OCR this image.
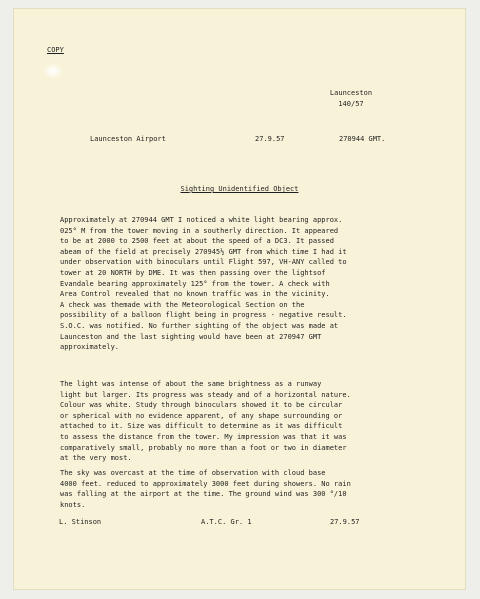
COPY
Launceston
140/57
Launceston Airport	27.9.57	270944 GMT.
Sighting Unidentified Object
Approximately at 270944 GMT I noticed a white light bearing approx.
025° M from the tower moving in a southerly direction. It appeared
to be at 2000 to 2500 feet at about the speed of a DC3. It passed
abeam of the field at precisely 270945½ GMT from which time I had it
under observation with binoculars until Flight 597, VH-ANY called to
tower at 20 NORTH by DME. It was then passing over the lightsof
Evandale bearing approximately 125° from the tower. A check with
Area Control revealed that no known traffic was in the vicinity.
A check was themade with the Meteorological Section on the
possibility of a balloon flight being in progress - negative result.
S.O.C. was notified. No further sighting of the object was made at
Launceston and the last sighting would have been at 270947 GMT
approximately.
The light was intense of about the same brightness as a runway
light but larger. Its progress was steady and of a horizontal nature.
Colour was white. Study through binoculars showed it to be circular
or spherical with no evidence apparent, of any shape surrounding or
attached to it. Size was difficult to determine as it was difficult
to assess the distance from the tower. My impression was that it was
comparatively small, probably no more than a foot or two in diameter
at the very most.
The sky was overcast at the time of observation with cloud base
4000 feet. reduced to approximately 3000 feet during showers. No rain
was falling at the airport at the time. The ground wind was 300 °/10
knots.
L. Stinson	A.T.C. Gr. 1	27.9.57
